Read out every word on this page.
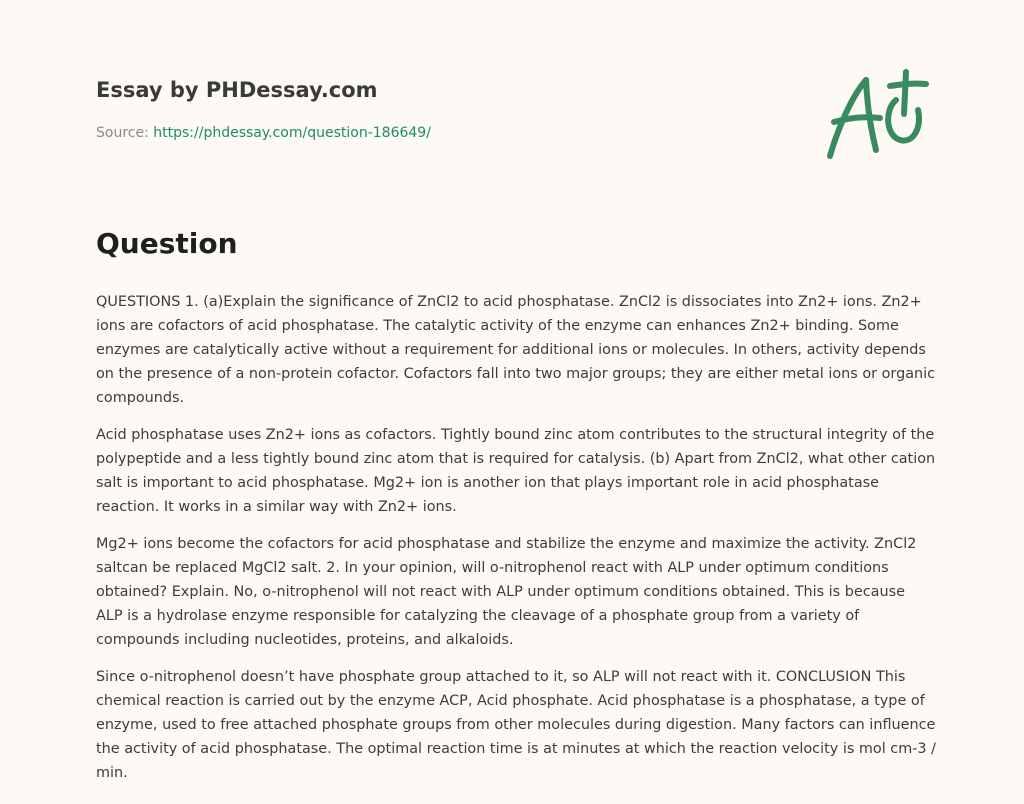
Essay by PHDessay.com
Source: https://phdessay.com/question-186649/
Question

QUESTIONS 1. (a)Explain the significance of ZnCl2 to acid phosphatase. ZnCl2 is dissociates into Zn2+ ions. Zn2+ ions are cofactors of acid phosphatase. The catalytic activity of the enzyme can enhances Zn2+ binding. Some enzymes are catalytically active without a requirement for additional ions or molecules. In others, activity depends on the presence of a non-protein cofactor. Cofactors fall into two major groups; they are either metal ions or organic compounds.

Acid phosphatase uses Zn2+ ions as cofactors. Tightly bound zinc atom contributes to the structural integrity of the polypeptide and a less tightly bound zinc atom that is required for catalysis. (b) Apart from ZnCl2, what other cation salt is important to acid phosphatase. Mg2+ ion is another ion that plays important role in acid phosphatase reaction. It works in a similar way with Zn2+ ions.

Mg2+ ions become the cofactors for acid phosphatase and stabilize the enzyme and maximize the activity. ZnCl2 saltcan be replaced MgCl2 salt. 2. In your opinion, will o-nitrophenol react with ALP under optimum conditions obtained? Explain. No, o-nitrophenol will not react with ALP under optimum conditions obtained. This is because ALP is a hydrolase enzyme responsible for catalyzing the cleavage of a phosphate group from a variety of compounds including nucleotides, proteins, and alkaloids.

Since o-nitrophenol doesn’t have phosphate group attached to it, so ALP will not react with it. CONCLUSION This chemical reaction is carried out by the enzyme ACP, Acid phosphate. Acid phosphatase is a phosphatase, a type of enzyme, used to free attached phosphate groups from other molecules during digestion. Many factors can influence the activity of acid phosphatase. The optimal reaction time is at minutes at which the reaction velocity is mol cm-3 / min.
